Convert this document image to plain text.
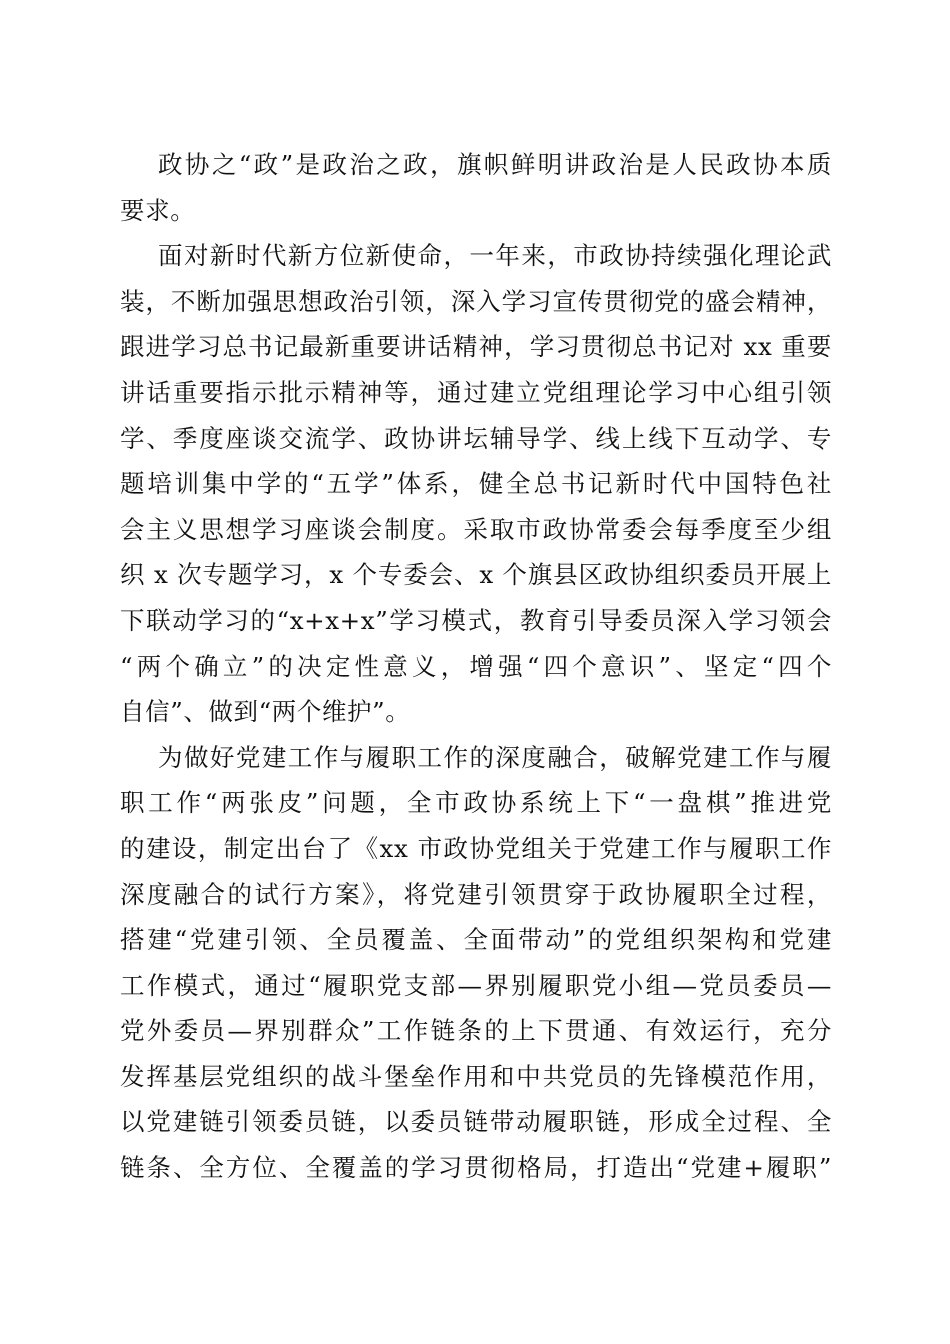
政协之“政”是政治之政，旗帜鲜明讲政治是人民政协本质
要求。
面对新时代新方位新使命，一年来，市政协持续强化理论武
装，不断加强思想政治引领，深入学习宣传贯彻党的盛会精神，
跟进学习总书记最新重要讲话精神，学习贯彻总书记对 xx 重要
讲话重要指示批示精神等，通过建立党组理论学习中心组引领
学、季度座谈交流学、政协讲坛辅导学、线上线下互动学、专
题培训集中学的“五学”体系，健全总书记新时代中国特色社
会主义思想学习座谈会制度。采取市政协常委会每季度至少组
织 x 次专题学习，x 个专委会、x 个旗县区政协组织委员开展上
下联动学习的“x+x+x”学习模式，教育引导委员深入学习领会
“两个确立”的决定性意义，增强“四个意识”、坚定“四个
自信”、做到“两个维护”。
为做好党建工作与履职工作的深度融合，破解党建工作与履
职工作“两张皮”问题，全市政协系统上下“一盘棋”推进党
的建设，制定出台了《xx 市政协党组关于党建工作与履职工作
深度融合的试行方案》，将党建引领贯穿于政协履职全过程，
搭建“党建引领、全员覆盖、全面带动”的党组织架构和党建
工作模式，通过“履职党支部—界别履职党小组—党员委员—
党外委员—界别群众”工作链条的上下贯通、有效运行，充分
发挥基层党组织的战斗堡垒作用和中共党员的先锋模范作用，
以党建链引领委员链，以委员链带动履职链，形成全过程、全
链条、全方位、全覆盖的学习贯彻格局，打造出“党建+履职”
